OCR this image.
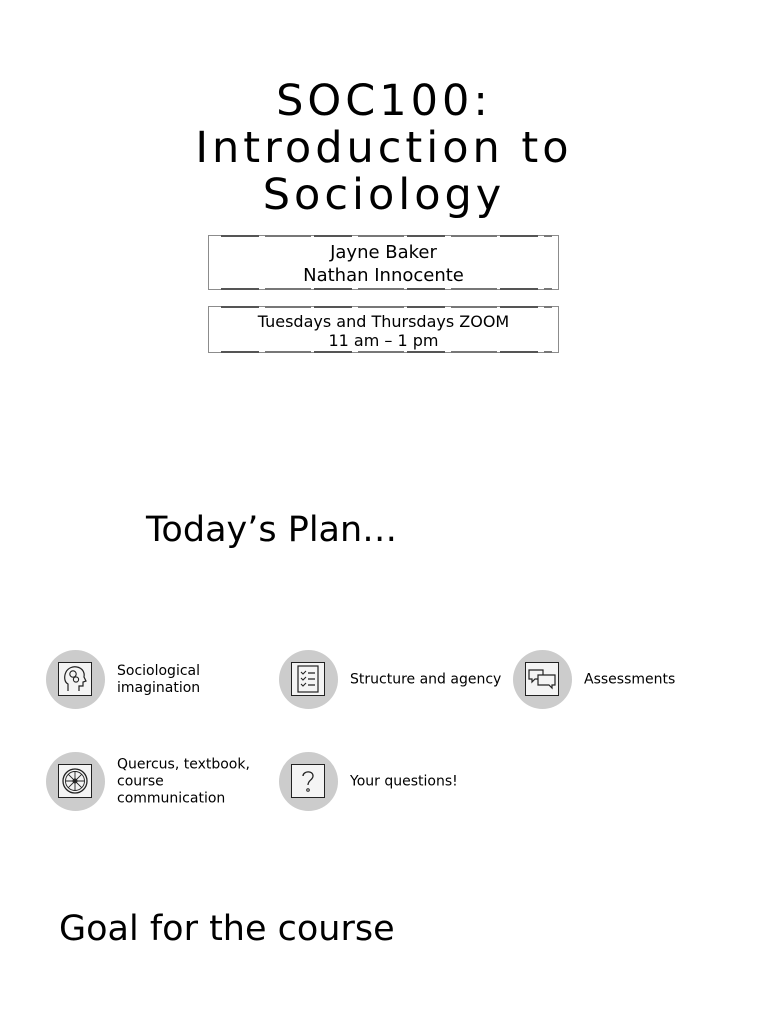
SOC100:
Introduction to
Sociology
Jayne Baker
Nathan Innocente
Tuesdays and Thursdays ZOOM
11 am – 1 pm
Today’s Plan…
Sociological imagination
Structure and agency	Assessments
Quercus, textbook, course communication
Your questions!
Goal for the course
